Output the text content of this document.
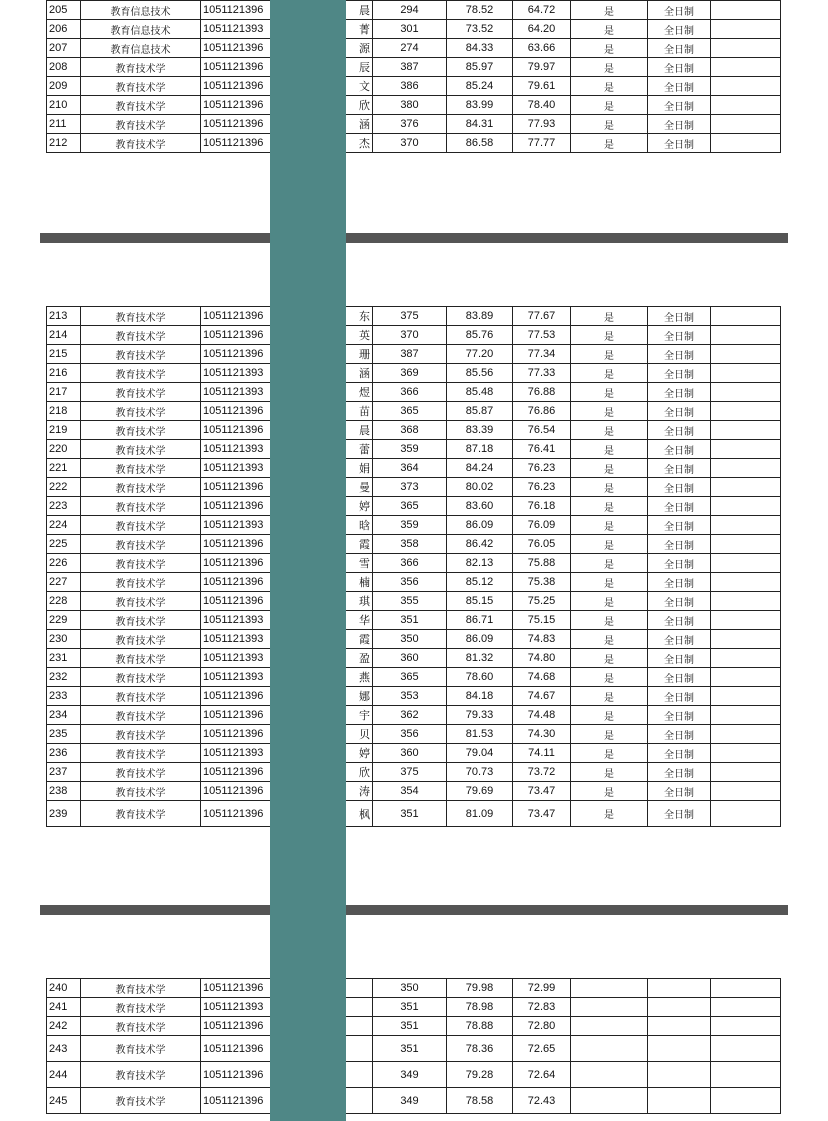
205	教育信息技术	1051121396	晨	294	78.52	64.72	是	全日制	
206	教育信息技术	1051121393	菁	301	73.52	64.20	是	全日制	
207	教育信息技术	1051121396	源	274	84.33	63.66	是	全日制	
208	教育技术学	1051121396	辰	387	85.97	79.97	是	全日制	
209	教育技术学	1051121396	文	386	85.24	79.61	是	全日制	
210	教育技术学	1051121396	欣	380	83.99	78.40	是	全日制	
211	教育技术学	1051121396	涵	376	84.31	77.93	是	全日制	
212	教育技术学	1051121396	杰	370	86.58	77.77	是	全日制	
213	教育技术学	1051121396	东	375	83.89	77.67	是	全日制	
214	教育技术学	1051121396	英	370	85.76	77.53	是	全日制	
215	教育技术学	1051121396	珊	387	77.20	77.34	是	全日制	
216	教育技术学	1051121393	涵	369	85.56	77.33	是	全日制	
217	教育技术学	1051121393	煜	366	85.48	76.88	是	全日制	
218	教育技术学	1051121396	苗	365	85.87	76.86	是	全日制	
219	教育技术学	1051121396	晨	368	83.39	76.54	是	全日制	
220	教育技术学	1051121393	蕾	359	87.18	76.41	是	全日制	
221	教育技术学	1051121393	娟	364	84.24	76.23	是	全日制	
222	教育技术学	1051121396	曼	373	80.02	76.23	是	全日制	
223	教育技术学	1051121396	婷	365	83.60	76.18	是	全日制	
224	教育技术学	1051121393	晗	359	86.09	76.09	是	全日制	
225	教育技术学	1051121396	霞	358	86.42	76.05	是	全日制	
226	教育技术学	1051121396	雪	366	82.13	75.88	是	全日制	
227	教育技术学	1051121396	楠	356	85.12	75.38	是	全日制	
228	教育技术学	1051121396	琪	355	85.15	75.25	是	全日制	
229	教育技术学	1051121393	华	351	86.71	75.15	是	全日制	
230	教育技术学	1051121393	霞	350	86.09	74.83	是	全日制	
231	教育技术学	1051121393	盈	360	81.32	74.80	是	全日制	
232	教育技术学	1051121393	燕	365	78.60	74.68	是	全日制	
233	教育技术学	1051121396	娜	353	84.18	74.67	是	全日制	
234	教育技术学	1051121396	宇	362	79.33	74.48	是	全日制	
235	教育技术学	1051121396	贝	356	81.53	74.30	是	全日制	
236	教育技术学	1051121393	婷	360	79.04	74.11	是	全日制	
237	教育技术学	1051121396	欣	375	70.73	73.72	是	全日制	
238	教育技术学	1051121396	涛	354	79.69	73.47	是	全日制	
239	教育技术学	1051121396	枫	351	81.09	73.47	是	全日制	
240	教育技术学	1051121396		350	79.98	72.99			
241	教育技术学	1051121393		351	78.98	72.83			
242	教育技术学	1051121396		351	78.88	72.80			
243	教育技术学	1051121396		351	78.36	72.65			
244	教育技术学	1051121396		349	79.28	72.64			
245	教育技术学	1051121396		349	78.58	72.43			
